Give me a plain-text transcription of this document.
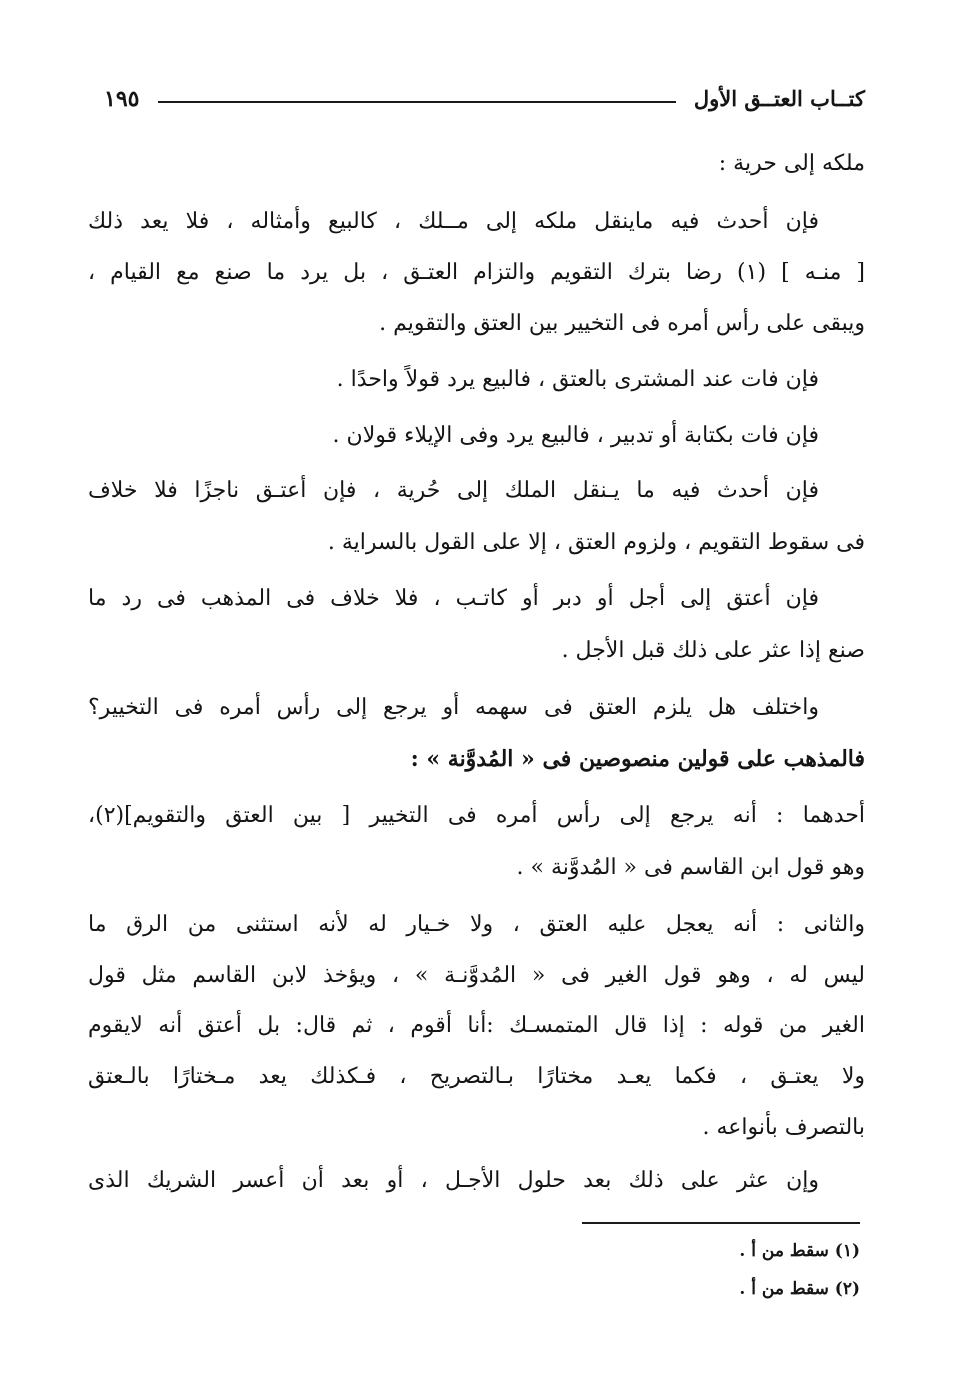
كتــاب العتــق الأول
١٩٥
ملكه إلى حرية :
فإن أحدث فيه ماينقل ملكه إلى مــلك ، كالبيع وأمثاله ، فلا يعد ذلك
[ منـه ] (١) رضا بترك التقويم والتزام العتـق ، بل يرد ما صنع مع القيام ،
ويبقى على رأس أمره فى التخيير بين العتق والتقويم .
فإن فات عند المشترى بالعتق ، فالبيع يرد قولاً واحدًا .
فإن فات بكتابة أو تدبير ، فالبيع يرد وفى الإيلاء قولان .
فإن أحدث فيه ما يـنقل الملك إلى حُرية ، فإن أعتـق ناجزًا فلا خلاف
فى سقوط التقويم ، ولزوم العتق ، إلا على القول بالسراية .
فإن أعتق إلى أجل أو دبر أو كاتـب ، فلا خلاف فى المذهب فى رد ما
صنع إذا عثر على ذلك قبل الأجل .
واختلف هل يلزم العتق فى سهمه أو يرجع إلى رأس أمره فى التخيير؟
فالمذهب على قولين منصوصين فى « المُدوَّنة » :
أحدهما : أنه يرجع إلى رأس أمره فى التخيير [ بين العتق والتقويم](٢)،
وهو قول ابن القاسم فى « المُدوَّنة » .
والثانى : أنه يعجل عليه العتق ، ولا خـيار له لأنه استثنى من الرق ما
ليس له ، وهو قول الغير فى « المُدوَّنـة » ، ويؤخذ لابن القاسم مثل قول
الغير من قوله : إذا قال المتمسـك :أنا أقوم ، ثم قال: بل أعتق أنه لايقوم
ولا يعتـق ، فكما يعـد مختارًا بـالتصريح ، فـكذلك يعد مـختارًا بالـعتق
بالتصرف بأنواعه .
وإن عثر على ذلك بعد حلول الأجـل ، أو بعد أن أعسر الشريك الذى
(١) سقط من أ .
(٢) سقط من أ .
